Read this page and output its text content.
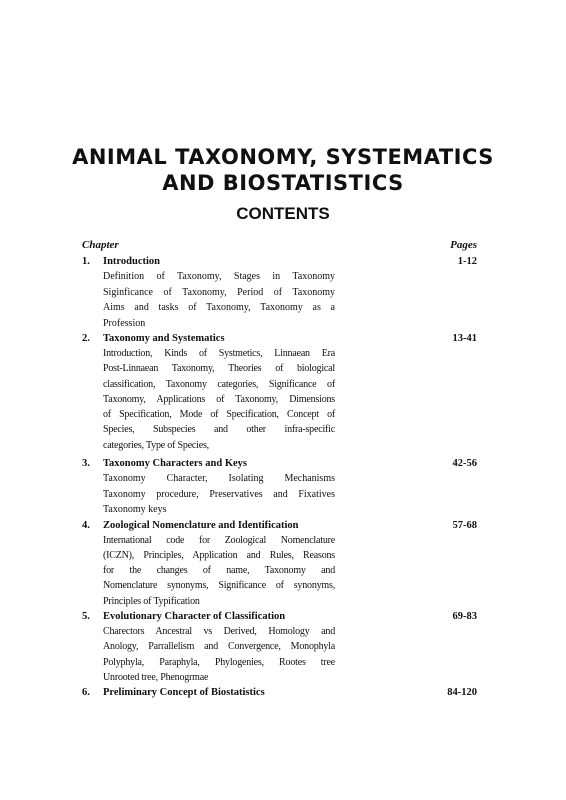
ANIMAL TAXONOMY, SYSTEMATICS
AND BIOSTATISTICS
CONTENTS
Chapter	Pages
1. Introduction	1-12
Definition of Taxonomy, Stages in Taxonomy
Siginficance of Taxonomy, Period of Taxonomy
Aims and tasks of Taxonomy, Taxonomy as a
Profession
2. Taxonomy and Systematics	13-41
Introduction, Kinds of Systmetics, Linnaean Era
Post-Linnaean Taxonomy, Theories of biological
classification, Taxonomy categories, Significance of
Taxonomy, Applications of Taxonomy, Dimensions
of Specification, Mode of Specification, Concept of
Species, Subspecies and other infra-specific
categories, Type of Species,
3. Taxonomy Characters and Keys	42-56
Taxonomy Character, Isolating Mechanisms
Taxonomy procedure, Preservatives and Fixatives
Taxonomy keys
4. Zoological Nomenclature and Identification	57-68
International code for Zoological Nomenclature
(ICZN), Principles, Application and Rules, Reasons
for the changes of name, Taxonomy and
Nomenclature synonyms, Significance of synonyms,
Principles of Typification
5. Evolutionary Character of Classification	69-83
Charectors Ancestral vs Derived, Homology and
Anology, Parrallelism and Convergence, Monophyla
Polyphyla, Paraphyla, Phylogenies, Rootes tree
Unrooted tree, Phenogrmae
6. Preliminary Concept of Biostatistics	84-120
